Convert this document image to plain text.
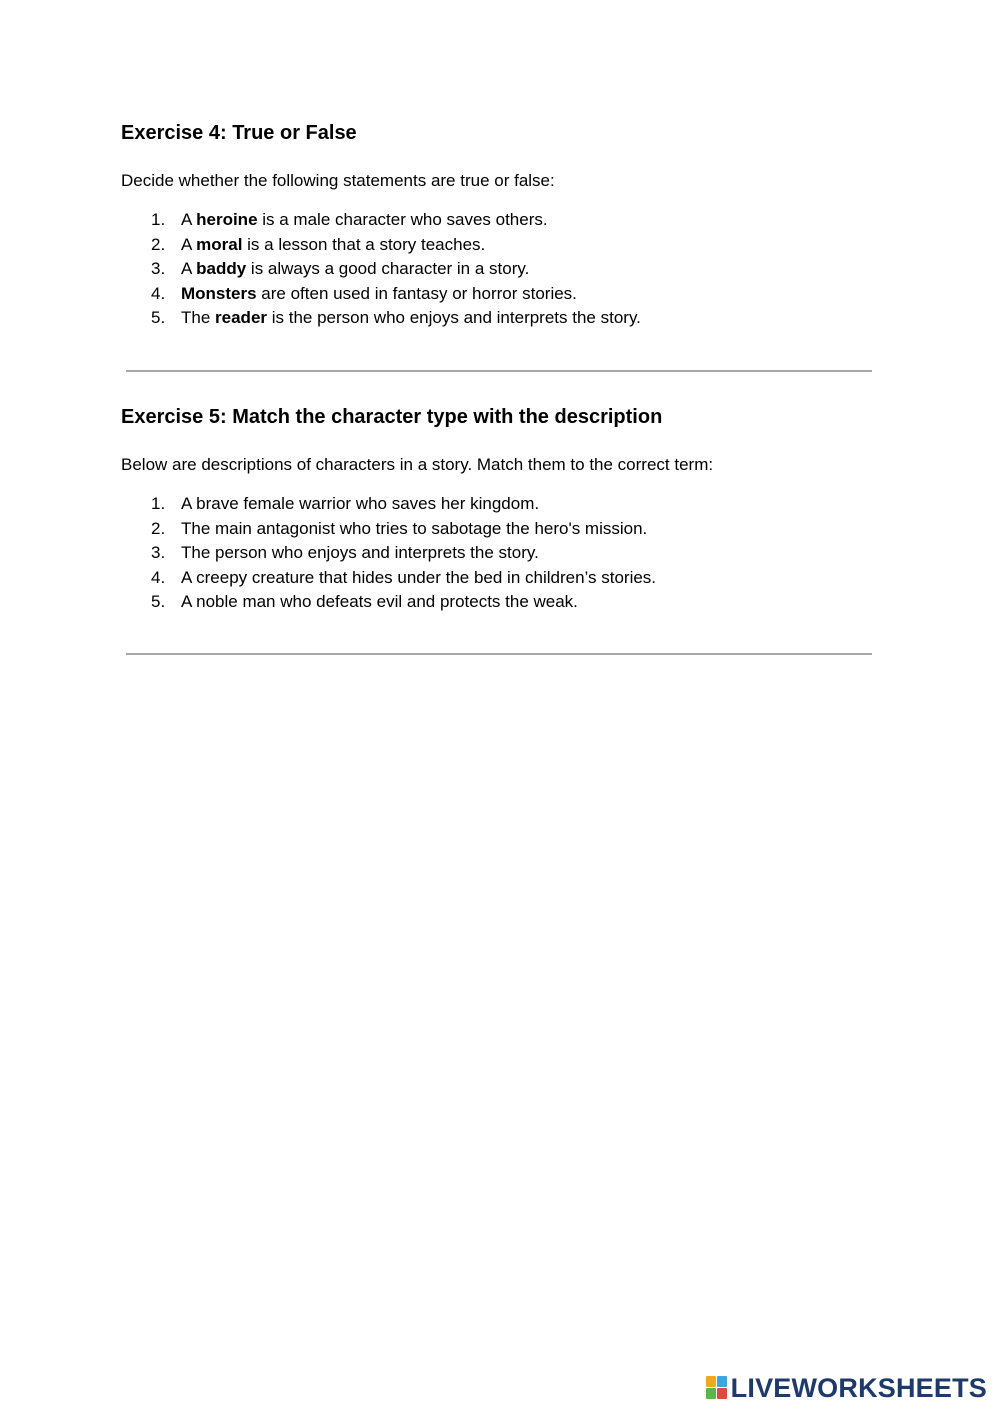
Exercise 4: True or False

Decide whether the following statements are true or false:

1. A heroine is a male character who saves others.
2. A moral is a lesson that a story teaches.
3. A baddy is always a good character in a story.
4. Monsters are often used in fantasy or horror stories.
5. The reader is the person who enjoys and interprets the story.
Exercise 5: Match the character type with the description

Below are descriptions of characters in a story. Match them to the correct term:

1. A brave female warrior who saves her kingdom.
2. The main antagonist who tries to sabotage the hero's mission.
3. The person who enjoys and interprets the story.
4. A creepy creature that hides under the bed in children’s stories.
5. A noble man who defeats evil and protects the weak.
LIVEWORKSHEETS
